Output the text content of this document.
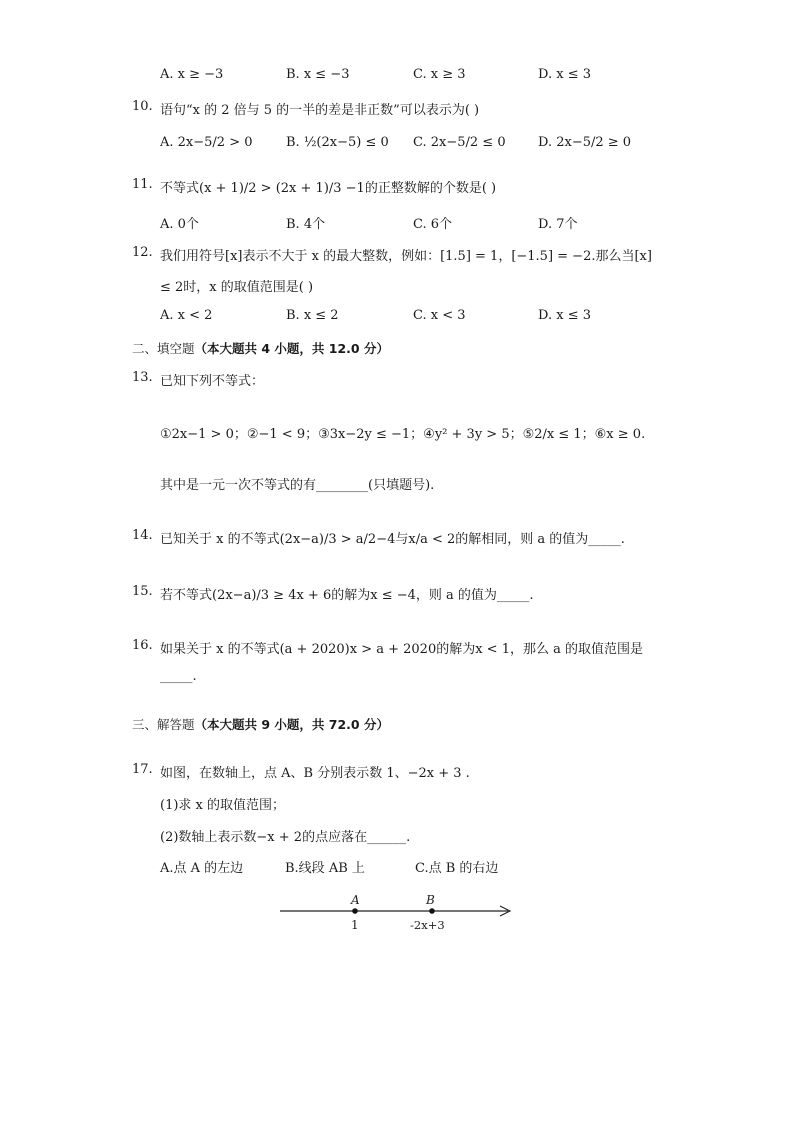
A. x ≥ −3	B. x ≤ −3	C. x ≥ 3	D. x ≤ 3
10. 语句“x 的 2 倍与 5 的一半的差是非正数”可以表示为( )
A. 2x−5/2 > 0	B. ½(2x−5) ≤ 0 C. 2x−5/2 ≤ 0 D. 2x−5/2 ≥ 0
11. 不等式(x + 1)/2 > (2x + 1)/3 −1的正整数解的个数是( )
A. 0个	B. 4个	C. 6个	D. 7个
12. 我们用符号[x]表示不大于 x 的最大整数，例如：[1.5] = 1，[−1.5] = −2.那么当[x]
≤ 2时，x 的取值范围是( )
A. x < 2	B. x ≤ 2	C. x < 3	D. x ≤ 3
二、填空题（本大题共 4 小题，共 12.0 分）
13. 已知下列不等式：
①2x−1 > 0；②−1 < 9；③3x−2y ≤ −1；④y² + 3y > 5；⑤2/x ≤ 1；⑥x ≥ 0.
其中是一元一次不等式的有________(只填题号).
14. 已知关于 x 的不等式(2x−a)/3 > a/2−4与x/a < 2的解相同，则 a 的值为_____.
15. 若不等式(2x−a)/3 ≥ 4x + 6的解为x ≤ −4，则 a 的值为_____.
16. 如果关于 x 的不等式(a + 2020)x > a + 2020的解为x < 1，那么 a 的取值范围是
_____.
三、解答题（本大题共 9 小题，共 72.0 分）
17. 如图，在数轴上，点 A、B 分别表示数 1、−2x + 3 .
(1)求 x 的取值范围；
(2)数轴上表示数−x + 2的点应落在______.
A.点 A 的左边	B.线段 AB 上	C.点 B 的右边
A	B
1	-2x+3
